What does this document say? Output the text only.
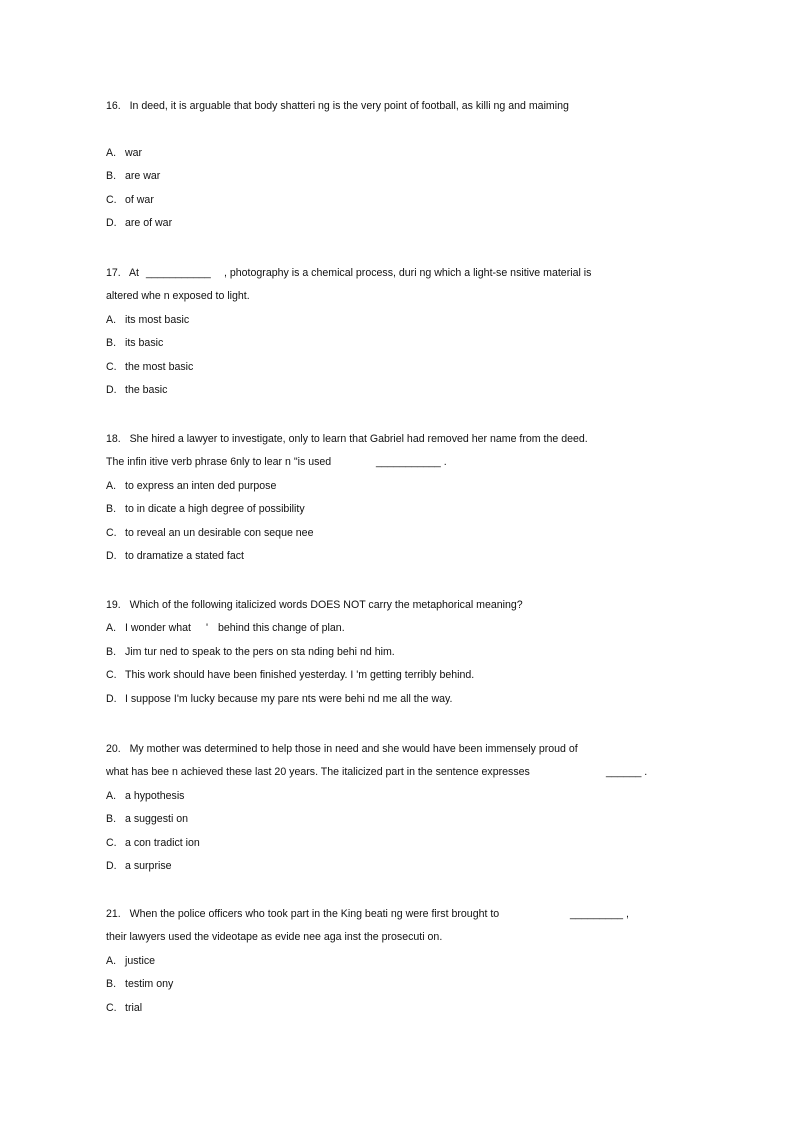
16. In deed, it is arguable that body shatteri ng is the very point of football, as killi ng and maiming
A. war
B. are war
C. of war
D. are of war
17. At ___________ , photography is a chemical process, duri ng which a light-se nsitive material is
altered whe n exposed to light.
A. its most basic
B. its basic
C. the most basic
D. the basic
18. She hired a lawyer to investigate, only to learn that Gabriel had removed her name from the deed.
The infin itive verb phrase 6nly to lear n "is used	___________ .
A. to express an inten ded purpose
B. to in dicate a high degree of possibility
C. to reveal an un desirable con seque nee
D. to dramatize a stated fact
19. Which of the following italicized words DOES NOT carry the metaphorical meaning?
A. I wonder what ' behind this change of plan.
B. Jim tur ned to speak to the pers on sta nding behi nd him.
C. This work should have been finished yesterday. I 'm getting terribly behind.
D. I suppose I'm lucky because my pare nts were behi nd me all the way.
20. My mother was determined to help those in need and she would have been immensely proud of
what has bee n achieved these last 20 years. The italicized part in the sentence expresses	______ .
A. a hypothesis
B. a suggesti on
C. a con tradict ion
D. a surprise
21. When the police officers who took part in the King beati ng were first brought to	_________ ,
their lawyers used the videotape as evide nee aga inst the prosecuti on.
A. justice
B. testim ony
C. trial
